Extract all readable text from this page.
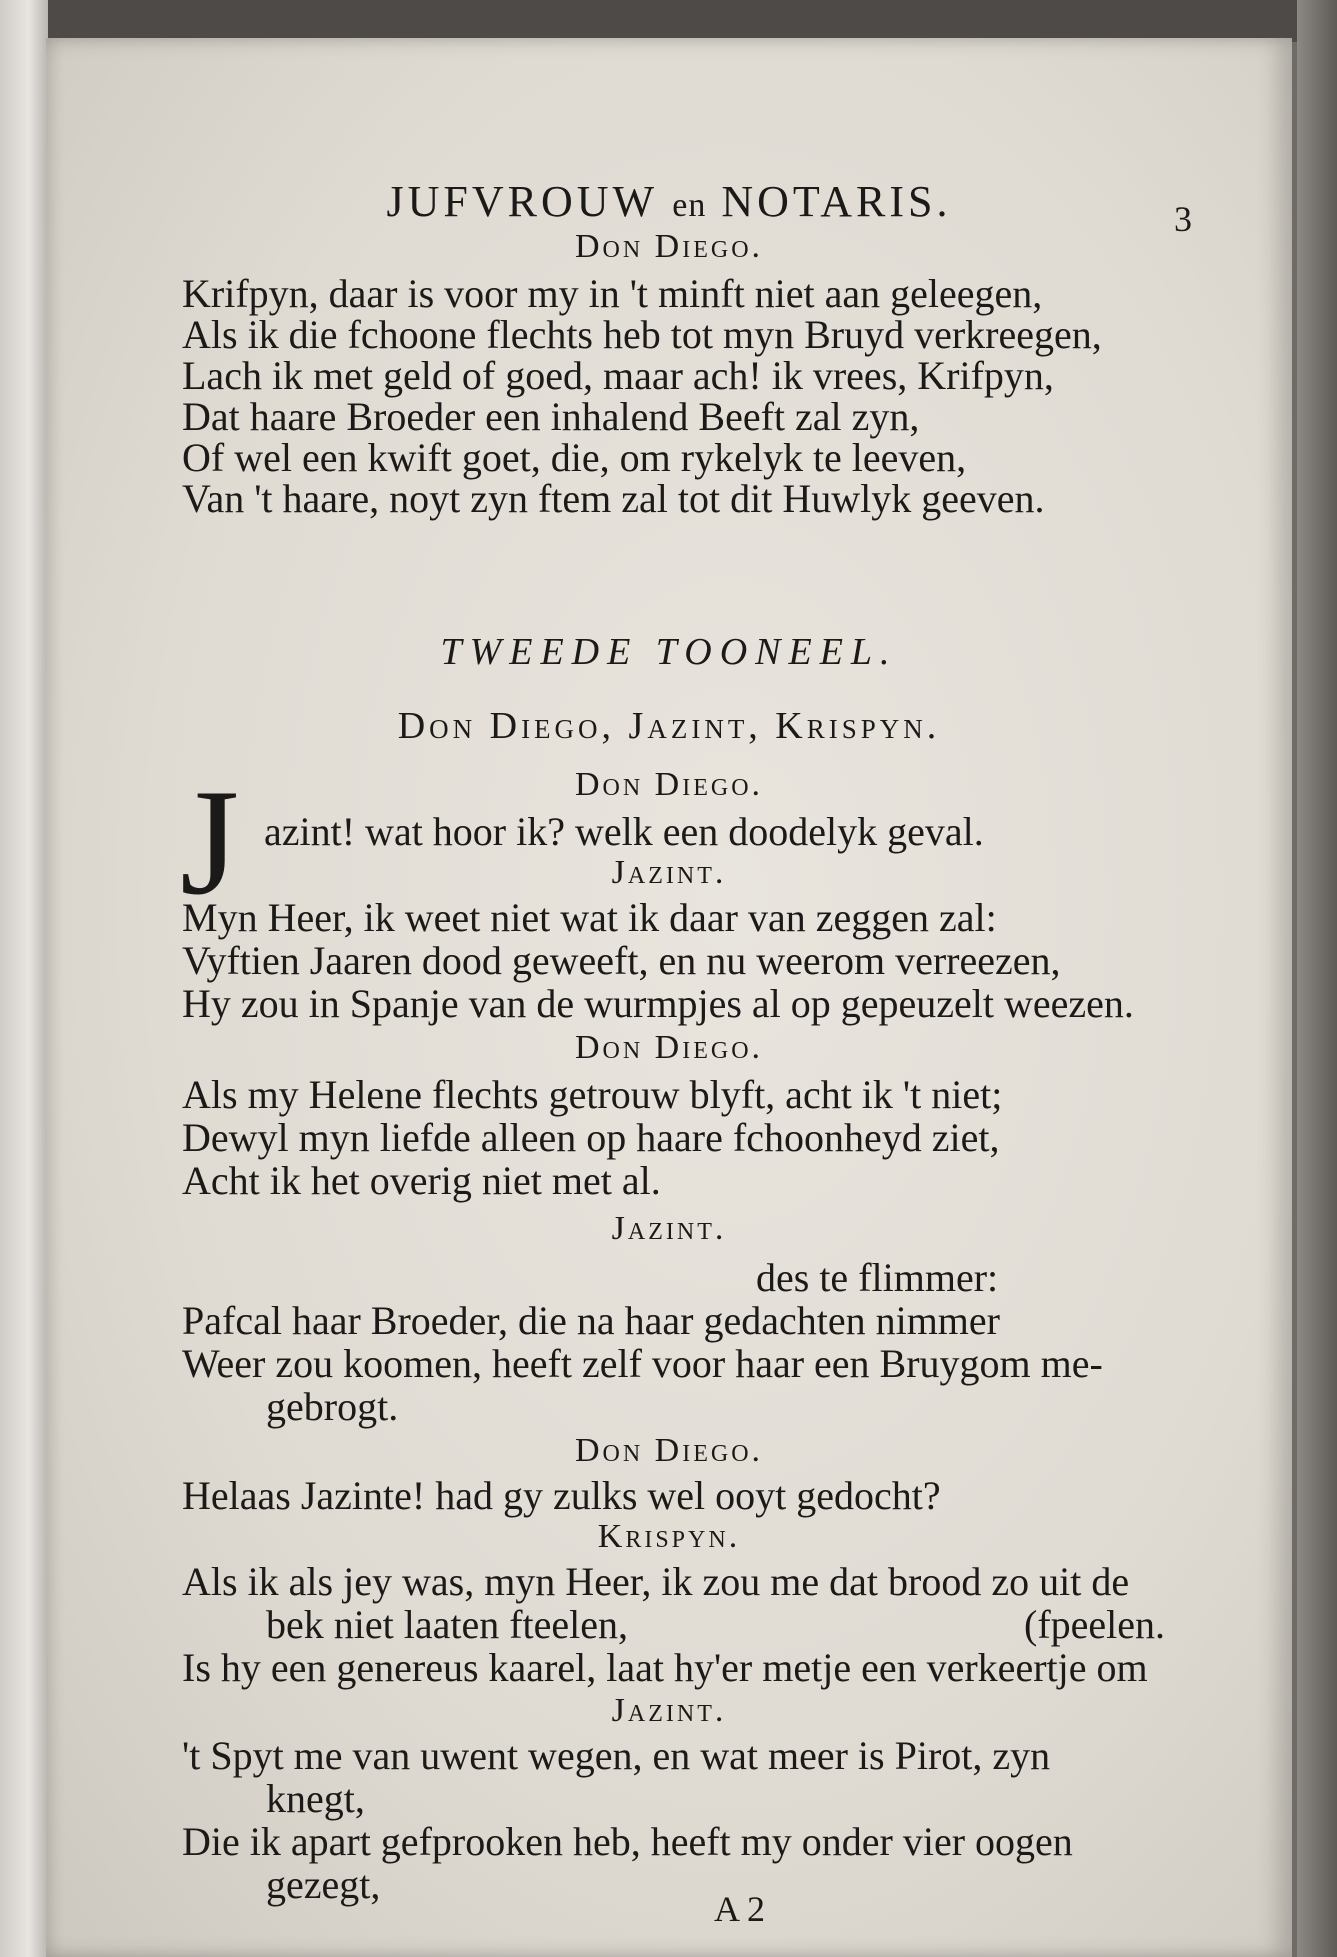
JUFVROUW en NOTARIS.	3
Don Diego.
Krifpyn, daar is voor my in 't minft niet aan geleegen,
Als ik die fchoone flechts heb tot myn Bruyd verkreegen,
Lach ik met geld of goed, maar ach! ik vrees, Krifpyn,
Dat haare Broeder een inhalend Beeft zal zyn,
Of wel een kwift goet, die, om rykelyk te leeven,
Van 't haare, noyt zyn ftem zal tot dit Huwlyk geeven.
TWEEDE TOONEEL.
Don Diego, Jazint, Krispyn.
Don Diego.
J azint! wat hoor ik? welk een doodelyk geval.
Jazint.
Myn Heer, ik weet niet wat ik daar van zeggen zal:
Vyftien Jaaren dood geweeft, en nu weerom verreezen,
Hy zou in Spanje van de wurmpjes al op gepeuzelt weezen.
Don Diego.
Als my Helene flechts getrouw blyft, acht ik 't niet;
Dewyl myn liefde alleen op haare fchoonheyd ziet,
Acht ik het overig niet met al.
Jazint.
des te flimmer:
Pafcal haar Broeder, die na haar gedachten nimmer
Weer zou koomen, heeft zelf voor haar een Bruygom me-
gebrogt.
Don Diego.
Helaas Jazinte! had gy zulks wel ooyt gedocht?
Krispyn.
Als ik als jey was, myn Heer, ik zou me dat brood zo uit de
bek niet laaten fteelen,	(fpeelen.
Is hy een genereus kaarel, laat hy'er metje een verkeertje om
Jazint.
't Spyt me van uwent wegen, en wat meer is Pirot, zyn
knegt,
Die ik apart gefprooken heb, heeft my onder vier oogen
gezegt,
A 2
